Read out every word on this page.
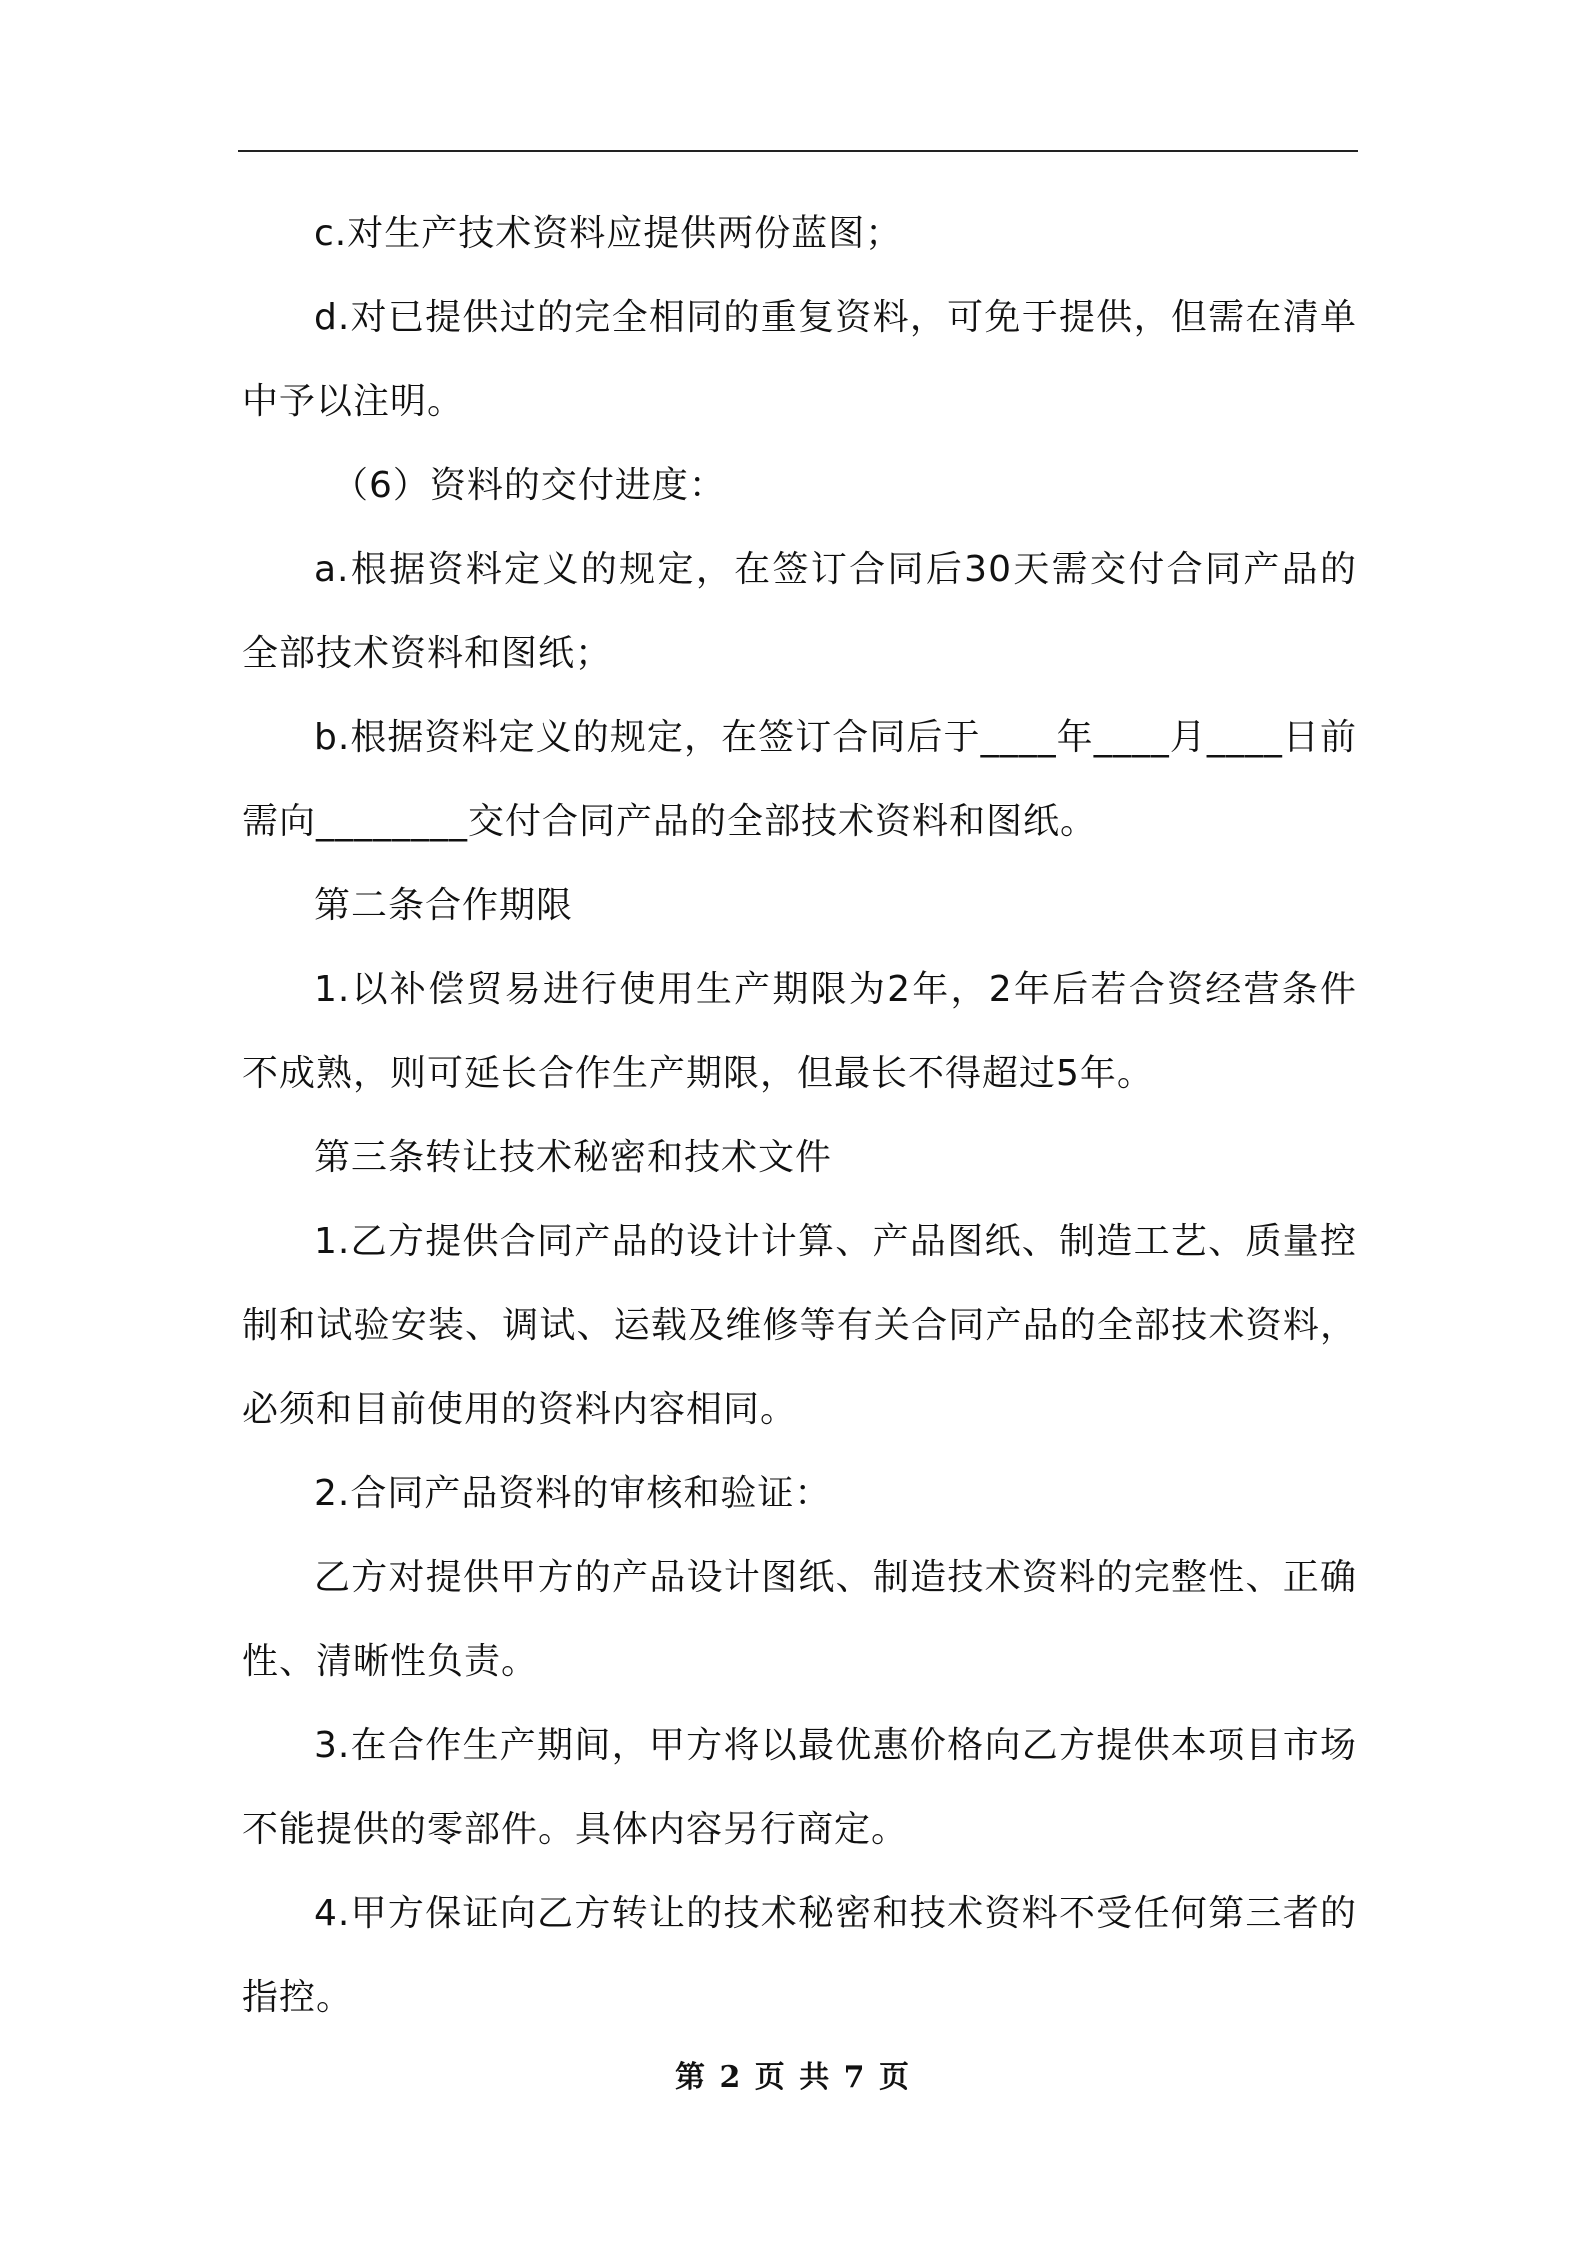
c.对生产技术资料应提供两份蓝图；

d.对已提供过的完全相同的重复资料，可免于提供，但需在清单中予以注明。

（6）资料的交付进度：

a.根据资料定义的规定，在签订合同后30天需交付合同产品的全部技术资料和图纸；

b.根据资料定义的规定，在签订合同后于____年____月____日前需向________交付合同产品的全部技术资料和图纸。

第二条合作期限

1.以补偿贸易进行使用生产期限为2年，2年后若合资经营条件不成熟，则可延长合作生产期限，但最长不得超过5年。

第三条转让技术秘密和技术文件

1.乙方提供合同产品的设计计算、产品图纸、制造工艺、质量控制和试验安装、调试、运载及维修等有关合同产品的全部技术资料，必须和目前使用的资料内容相同。

2.合同产品资料的审核和验证：

乙方对提供甲方的产品设计图纸、制造技术资料的完整性、正确性、清晰性负责。

3.在合作生产期间，甲方将以最优惠价格向乙方提供本项目市场不能提供的零部件。具体内容另行商定。

4.甲方保证向乙方转让的技术秘密和技术资料不受任何第三者的指控。

第 2 页 共 7 页
